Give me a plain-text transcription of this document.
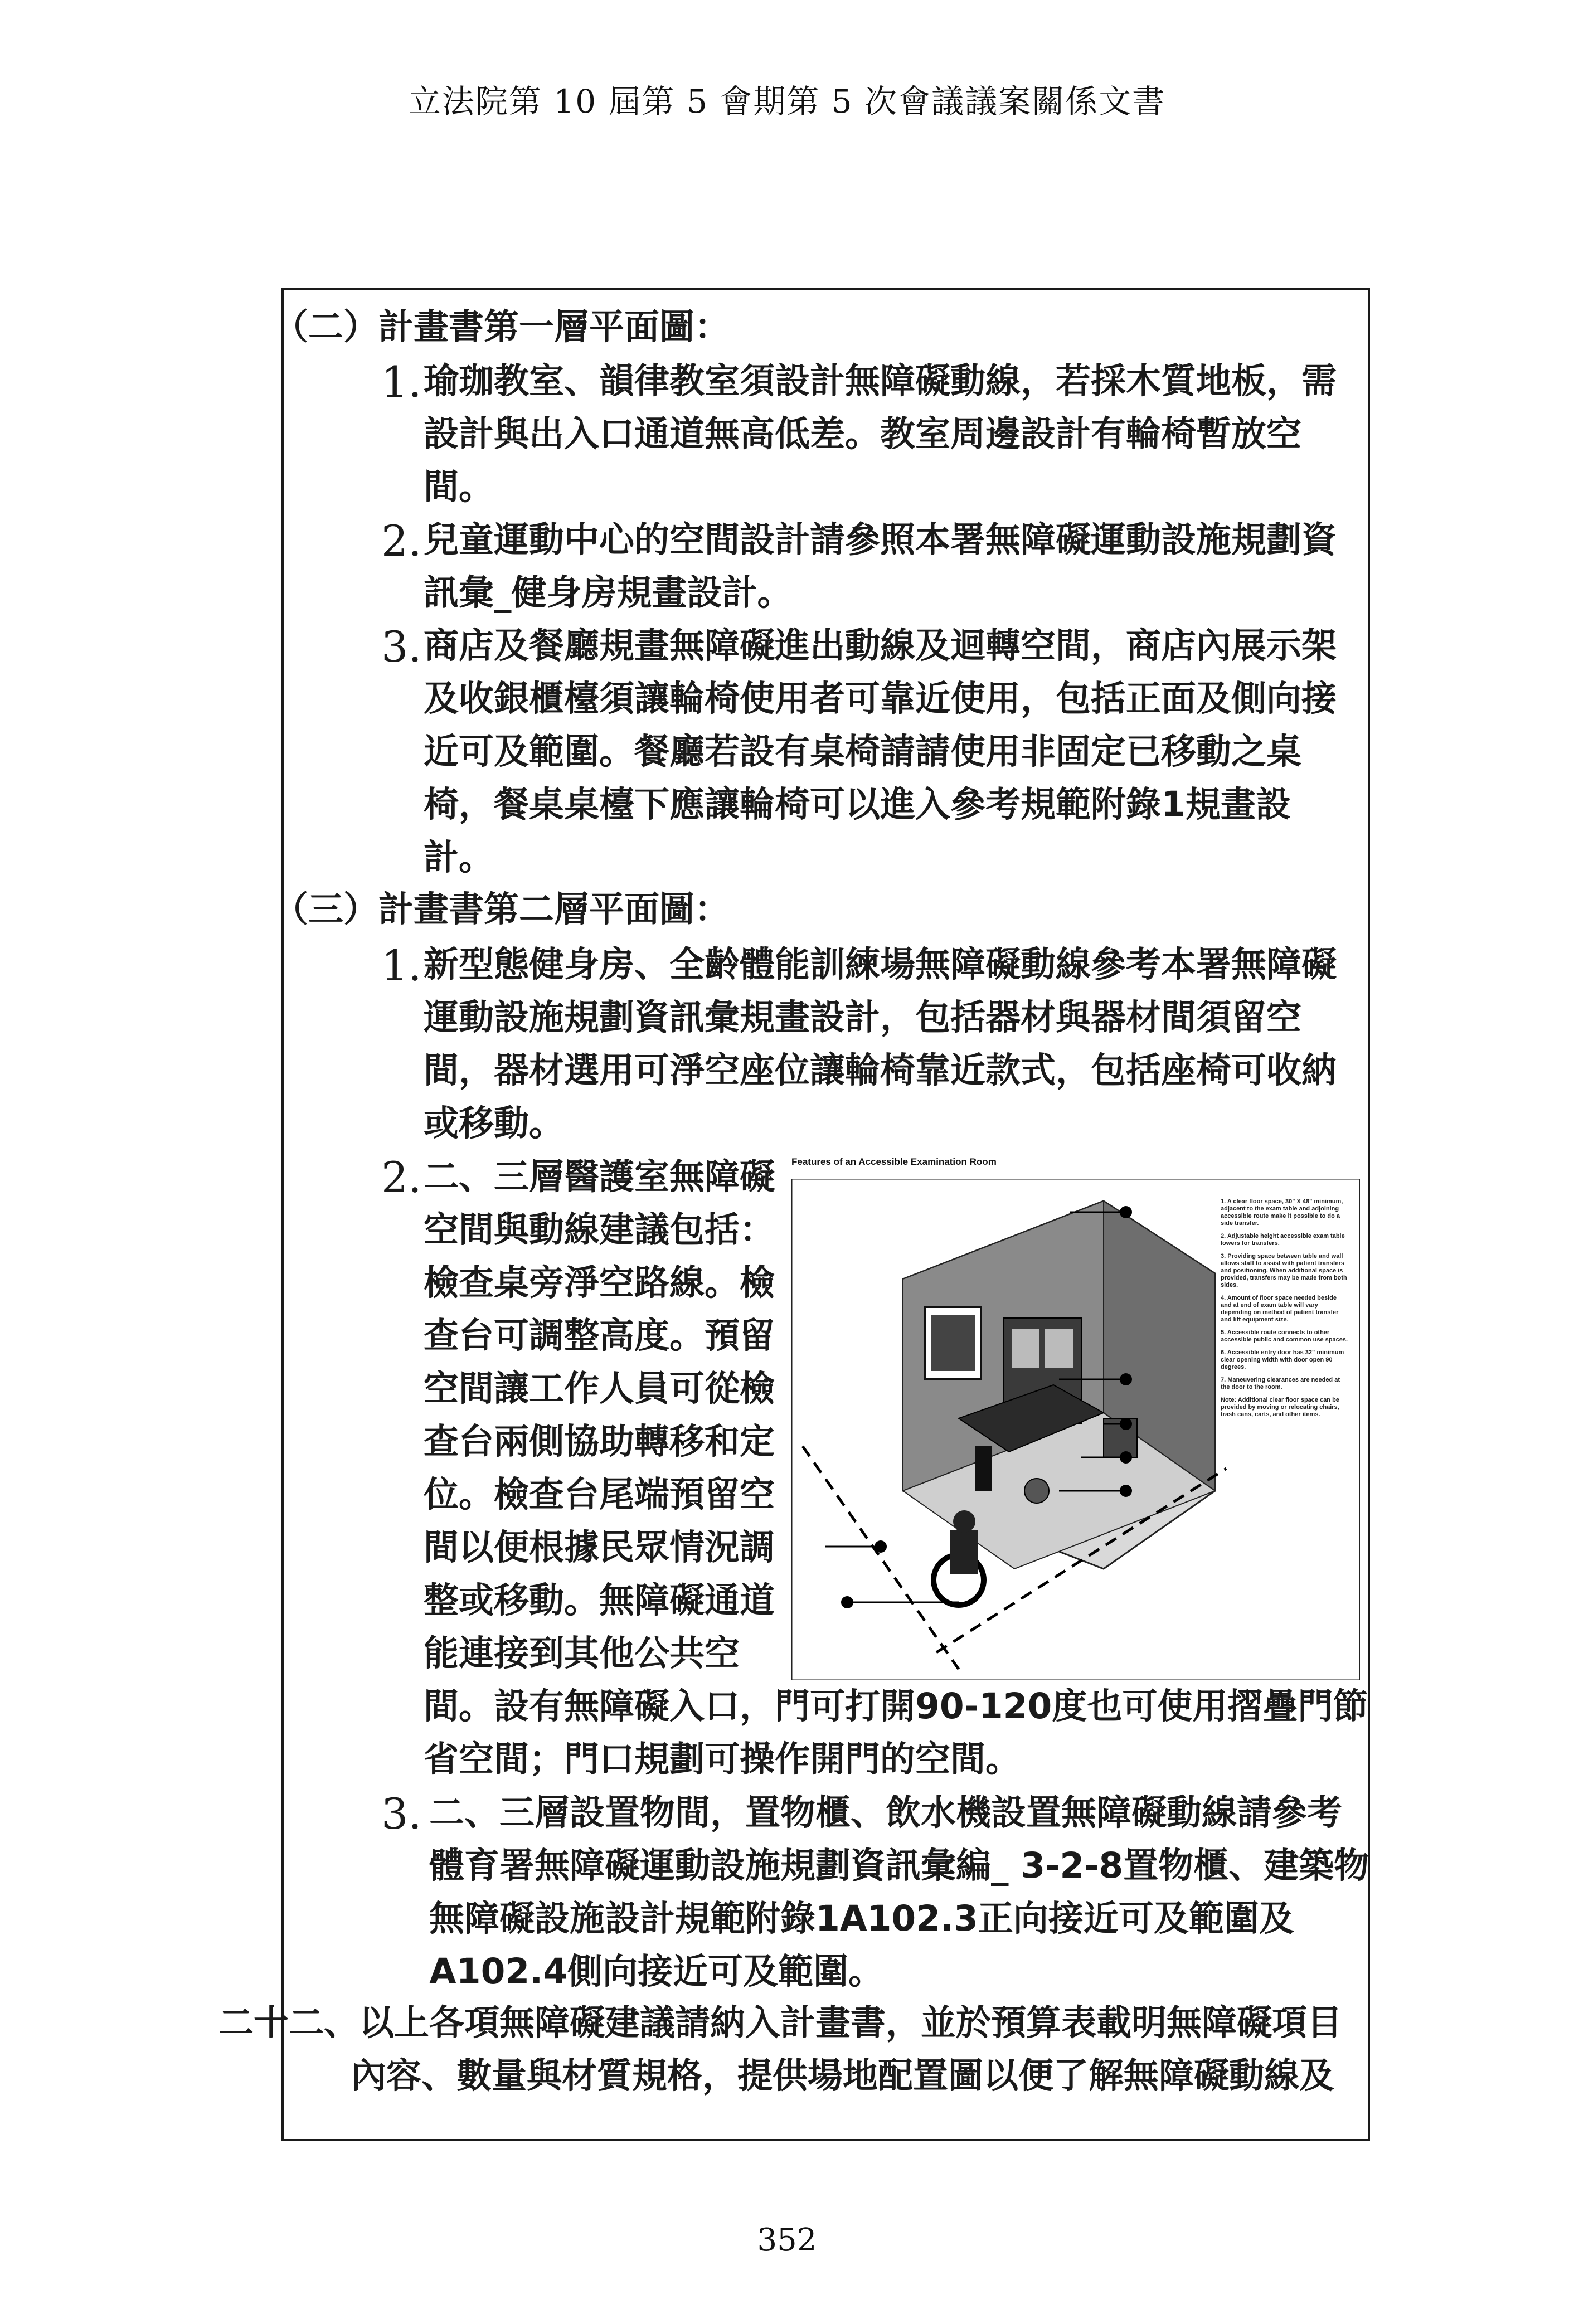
立法院第 10 屆第 5 會期第 5 次會議議案關係文書
（二）計畫書第一層平面圖：
1. 瑜珈教室、韻律教室須設計無障礙動線，若採木質地板，需
設計與出入口通道無高低差。教室周邊設計有輪椅暫放空
間。
2. 兒童運動中心的空間設計請參照本署無障礙運動設施規劃資
訊彙_健身房規畫設計。
3. 商店及餐廳規畫無障礙進出動線及迴轉空間，商店內展示架
及收銀櫃檯須讓輪椅使用者可靠近使用，包括正面及側向接
近可及範圍。餐廳若設有桌椅請請使用非固定已移動之桌
椅，餐桌桌檯下應讓輪椅可以進入參考規範附錄1規畫設
計。
（三）計畫書第二層平面圖：
1. 新型態健身房、全齡體能訓練場無障礙動線參考本署無障礙
運動設施規劃資訊彙規畫設計，包括器材與器材間須留空
間，器材選用可淨空座位讓輪椅靠近款式，包括座椅可收納
或移動。
2. 二、三層醫護室無障礙
空間與動線建議包括：
檢查桌旁淨空路線。檢
查台可調整高度。預留
空間讓工作人員可從檢
查台兩側協助轉移和定
位。檢查台尾端預留空
間以便根據民眾情況調
整或移動。無障礙通道
能連接到其他公共空
間。設有無障礙入口，門可打開90-120度也可使用摺疊門節
省空間；門口規劃可操作開門的空間。
3. 二、三層設置物間，置物櫃、飲水機設置無障礙動線請參考
體育署無障礙運動設施規劃資訊彙編_ 3-2-8置物櫃、建築物
無障礙設施設計規範附錄1A102.3正向接近可及範圍及
A102.4側向接近可及範圍。
二十二、以上各項無障礙建議請納入計畫書，並於預算表載明無障礙項目
內容、數量與材質規格，提供場地配置圖以便了解無障礙動線及
Features of an Accessible Examination Room

1. A clear floor space, 30" X 48" minimum, adjacent to the exam table and adjoining accessible route make it possible to do a side transfer.

2. Adjustable height accessible exam table lowers for transfers.

3. Providing space between table and wall allows staff to assist with patient transfers and positioning. When additional space is provided, transfers may be made from both sides.

4. Amount of floor space needed beside and at end of exam table will vary depending on method of patient transfer and lift equipment size.

5. Accessible route connects to other accessible public and common use spaces.

6. Accessible entry door has 32" minimum clear opening width with door open 90 degrees.

7. Maneuvering clearances are needed at the door to the room.

Note: Additional clear floor space can be provided by moving or relocating chairs, trash cans, carts, and other items.

352
